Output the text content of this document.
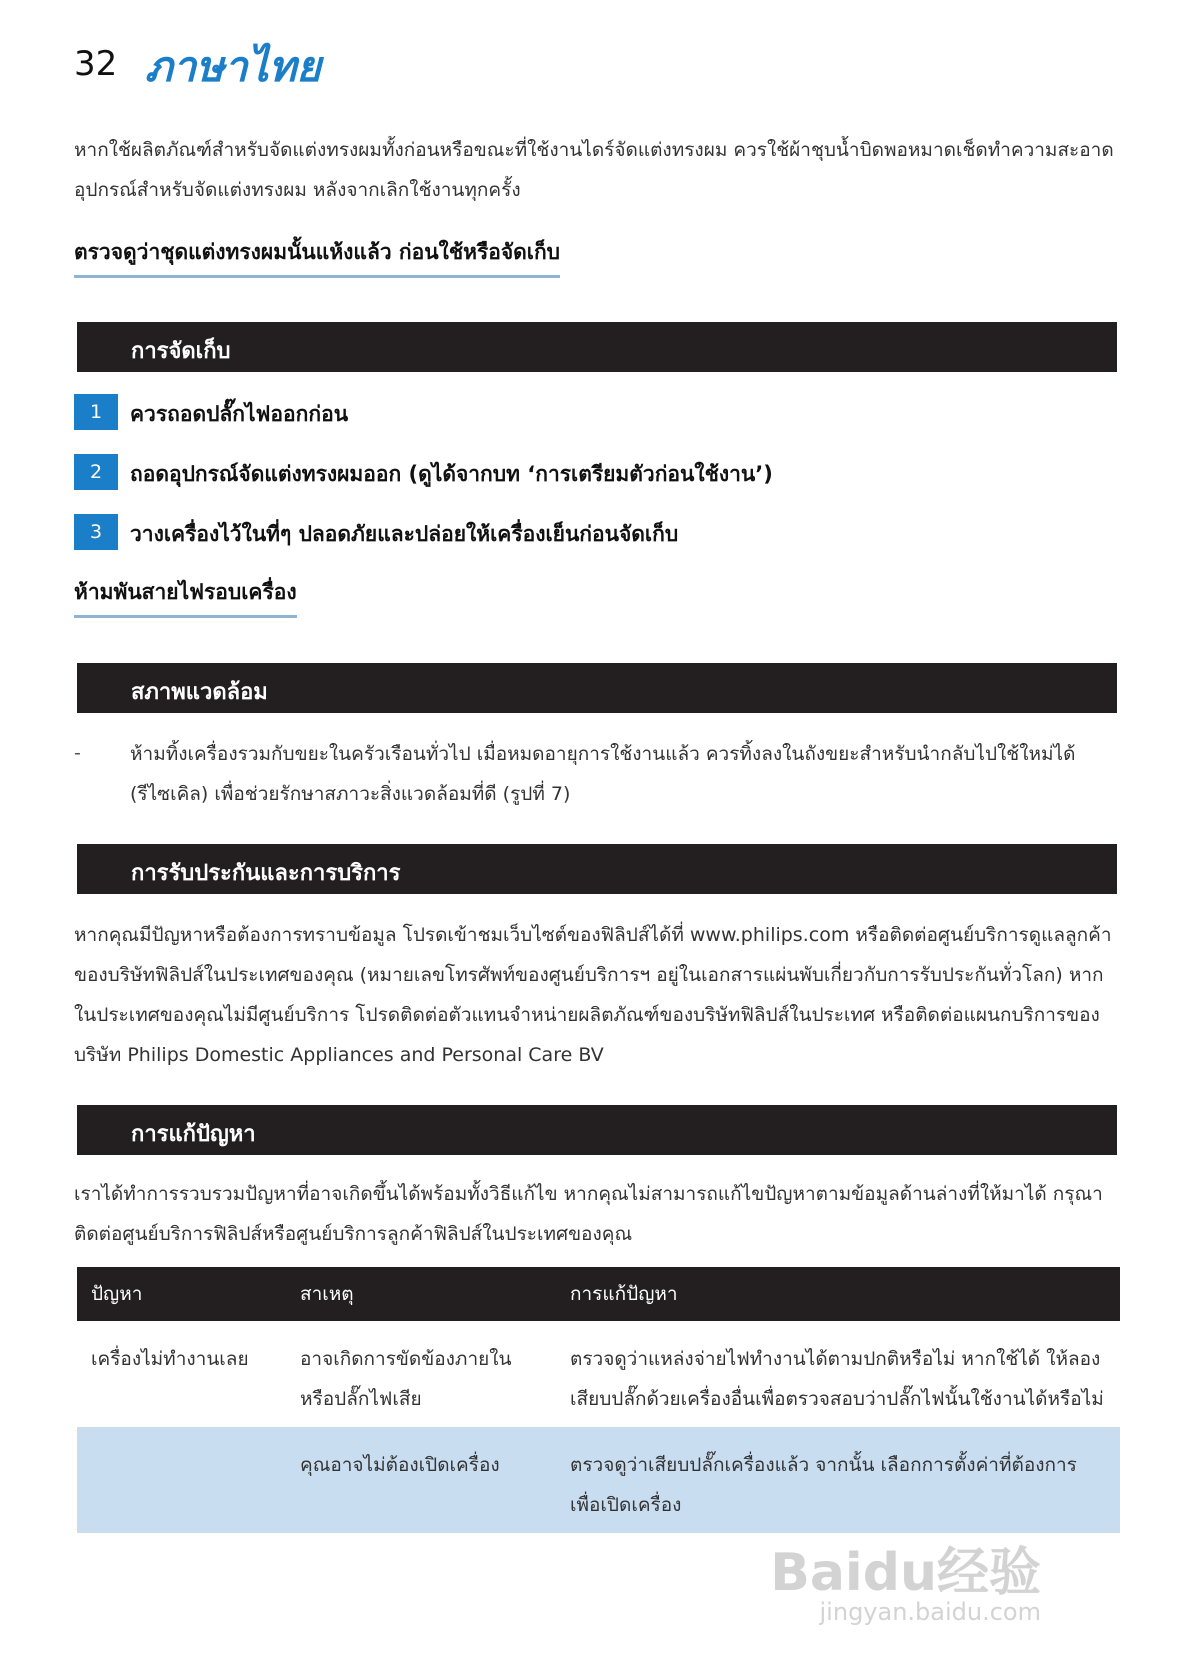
32 ภาษาไทย
หากใช้ผลิตภัณฑ์สำหรับจัดแต่งทรงผมทั้งก่อนหรือขณะที่ใช้งานไดร์จัดแต่งทรงผม ควรใช้ผ้าชุบน้ำบิดพอหมาดเช็ดทำความสะอาดอุปกรณ์สำหรับจัดแต่งทรงผม หลังจากเลิกใช้งานทุกครั้ง
ตรวจดูว่าชุดแต่งทรงผมนั้นแห้งแล้ว ก่อนใช้หรือจัดเก็บ
การจัดเก็บ
1	ควรถอดปลั๊กไฟออกก่อน
2	ถอดอุปกรณ์จัดแต่งทรงผมออก (ดูได้จากบท ‘การเตรียมตัวก่อนใช้งาน’)
3	วางเครื่องไว้ในที่ๆ ปลอดภัยและปล่อยให้เครื่องเย็นก่อนจัดเก็บ
ห้ามพันสายไฟรอบเครื่อง
สภาพแวดล้อม
-	ห้ามทิ้งเครื่องรวมกับขยะในครัวเรือนทั่วไป เมื่อหมดอายุการใช้งานแล้ว ควรทิ้งลงในถังขยะสำหรับนำกลับไปใช้ใหม่ได้ (รีไซเคิล) เพื่อช่วยรักษาสภาวะสิ่งแวดล้อมที่ดี (รูปที่ 7)
การรับประกันและการบริการ
หากคุณมีปัญหาหรือต้องการทราบข้อมูล โปรดเข้าชมเว็บไซต์ของฟิลิปส์ได้ที่ www.philips.com หรือติดต่อศูนย์บริการดูแลลูกค้าของบริษัทฟิลิปส์ในประเทศของคุณ (หมายเลขโทรศัพท์ของศูนย์บริการฯ อยู่ในเอกสารแผ่นพับเกี่ยวกับการรับประกันทั่วโลก) หากในประเทศของคุณไม่มีศูนย์บริการ โปรดติดต่อตัวแทนจำหน่ายผลิตภัณฑ์ของบริษัทฟิลิปส์ในประเทศ หรือติดต่อแผนกบริการของบริษัท Philips Domestic Appliances and Personal Care BV
การแก้ปัญหา
เราได้ทำการรวบรวมปัญหาที่อาจเกิดขึ้นได้พร้อมทั้งวิธีแก้ไข หากคุณไม่สามารถแก้ไขปัญหาตามข้อมูลด้านล่างที่ให้มาได้ กรุณาติดต่อศูนย์บริการฟิลิปส์หรือศูนย์บริการลูกค้าฟิลิปส์ในประเทศของคุณ
ปัญหา	สาเหตุ	การแก้ปัญหา
เครื่องไม่ทำงานเลย	อาจเกิดการขัดข้องภายในหรือปลั๊กไฟเสีย	ตรวจดูว่าแหล่งจ่ายไฟทำงานได้ตามปกติหรือไม่ หากใช้ได้ ให้ลองเสียบปลั๊กด้วยเครื่องอื่นเพื่อตรวจสอบว่าปลั๊กไฟนั้นใช้งานได้หรือไม่
	คุณอาจไม่ต้องเปิดเครื่อง	ตรวจดูว่าเสียบปลั๊กเครื่องแล้ว จากนั้น เลือกการตั้งค่าที่ต้องการเพื่อเปิดเครื่อง
Baidu经验
jingyan.baidu.com
